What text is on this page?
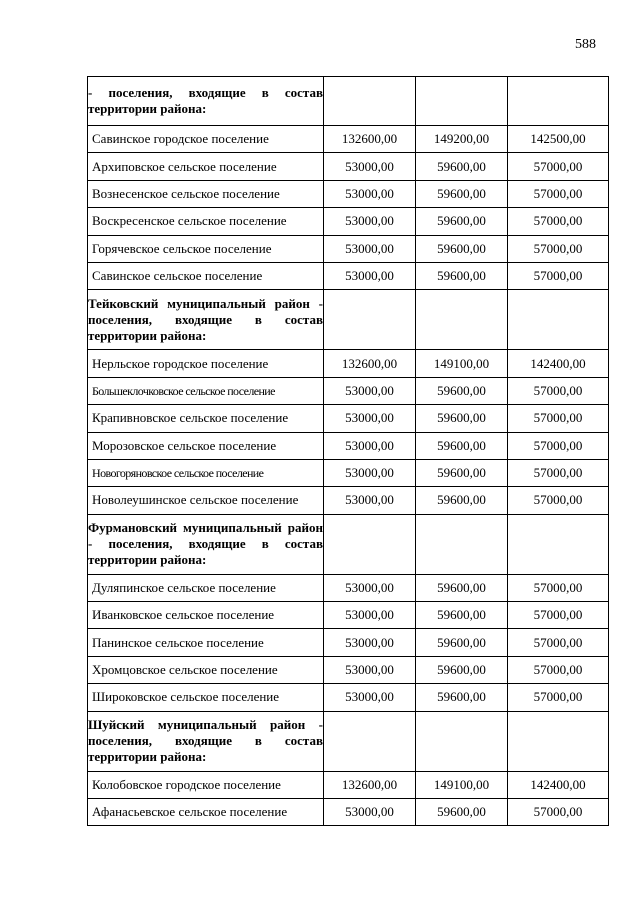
588
- поселения, входящие в состав территории района:			
Савинское городское поселение	132600,00	149200,00	142500,00
Архиповское сельское поселение	53000,00	59600,00	57000,00
Вознесенское сельское поселение	53000,00	59600,00	57000,00
Воскресенское сельское поселение	53000,00	59600,00	57000,00
Горячевское сельское поселение	53000,00	59600,00	57000,00
Савинское сельское поселение	53000,00	59600,00	57000,00
Тейковский муниципальный район - поселения, входящие в состав территории района:			
Нерльское городское поселение	132600,00	149100,00	142400,00
Большеклочковское сельское поселение	53000,00	59600,00	57000,00
Крапивновское сельское поселение	53000,00	59600,00	57000,00
Морозовское сельское поселение	53000,00	59600,00	57000,00
Новогоряновское сельское поселение	53000,00	59600,00	57000,00
Новолеушинское сельское поселение	53000,00	59600,00	57000,00
Фурмановский муниципальный район - поселения, входящие в состав территории района:			
Дуляпинское сельское поселение	53000,00	59600,00	57000,00
Иванковское сельское поселение	53000,00	59600,00	57000,00
Панинское сельское поселение	53000,00	59600,00	57000,00
Хромцовское сельское поселение	53000,00	59600,00	57000,00
Широковское сельское поселение	53000,00	59600,00	57000,00
Шуйский муниципальный район - поселения, входящие в состав территории района:			
Колобовское городское поселение	132600,00	149100,00	142400,00
Афанасьевское сельское поселение	53000,00	59600,00	57000,00
